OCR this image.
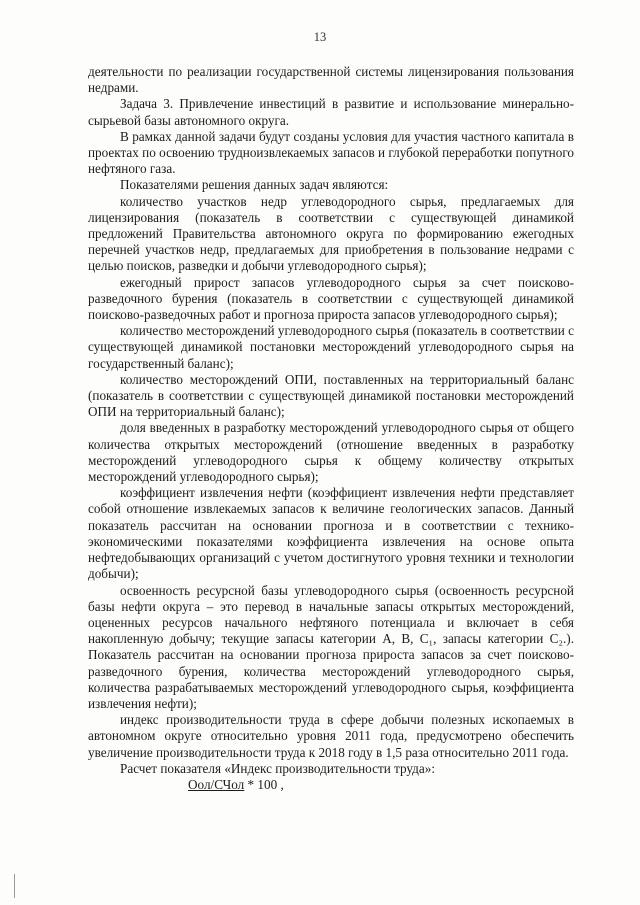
13

деятельности по реализации государственной системы лицензирования пользования недрами.

Задача 3. Привлечение инвестиций в развитие и использование минерально-сырьевой базы автономного округа.

В рамках данной задачи будут созданы условия для участия частного капитала в проектах по освоению трудноизвлекаемых запасов и глубокой переработки попутного нефтяного газа.

Показателями решения данных задач являются:

количество участков недр углеводородного сырья, предлагаемых для лицензирования (показатель в соответствии с существующей динамикой предложений Правительства автономного округа по формированию ежегодных перечней участков недр, предлагаемых для приобретения в пользование недрами с целью поисков, разведки и добычи углеводородного сырья);

ежегодный прирост запасов углеводородного сырья за счет поисково-разведочного бурения (показатель в соответствии с существующей динамикой поисково-разведочных работ и прогноза прироста запасов углеводородного сырья);

количество месторождений углеводородного сырья (показатель в соответствии с существующей динамикой постановки месторождений углеводородного сырья на государственный баланс);

количество месторождений ОПИ, поставленных на территориальный баланс (показатель в соответствии с существующей динамикой постановки месторождений ОПИ на территориальный баланс);

доля введенных в разработку месторождений углеводородного сырья от общего количества открытых месторождений (отношение введенных в разработку месторождений углеводородного сырья к общему количеству открытых месторождений углеводородного сырья);

коэффициент извлечения нефти (коэффициент извлечения нефти представляет собой отношение извлекаемых запасов к величине геологических запасов. Данный показатель рассчитан на основании прогноза и в соответствии с технико-экономическими показателями коэффициента извлечения на основе опыта нефтедобывающих организаций с учетом достигнутого уровня техники и технологии добычи);

освоенность ресурсной базы углеводородного сырья (освоенность ресурсной базы нефти округа – это перевод в начальные запасы открытых месторождений, оцененных ресурсов начального нефтяного потенциала и включает в себя накопленную добычу; текущие запасы категории А, В, C₁, запасы категории С₂.). Показатель рассчитан на основании прогноза прироста запасов за счет поисково-разведочного бурения, количества месторождений углеводородного сырья, количества разрабатываемых месторождений углеводородного сырья, коэффициента извлечения нефти);

индекс производительности труда в сфере добычи полезных ископаемых в автономном округе относительно уровня 2011 года, предусмотрено обеспечить увеличение производительности труда к 2018 году в 1,5 раза относительно 2011 года.

Расчет показателя «Индекс производительности труда»:

Оол/СЧол * 100 ,
